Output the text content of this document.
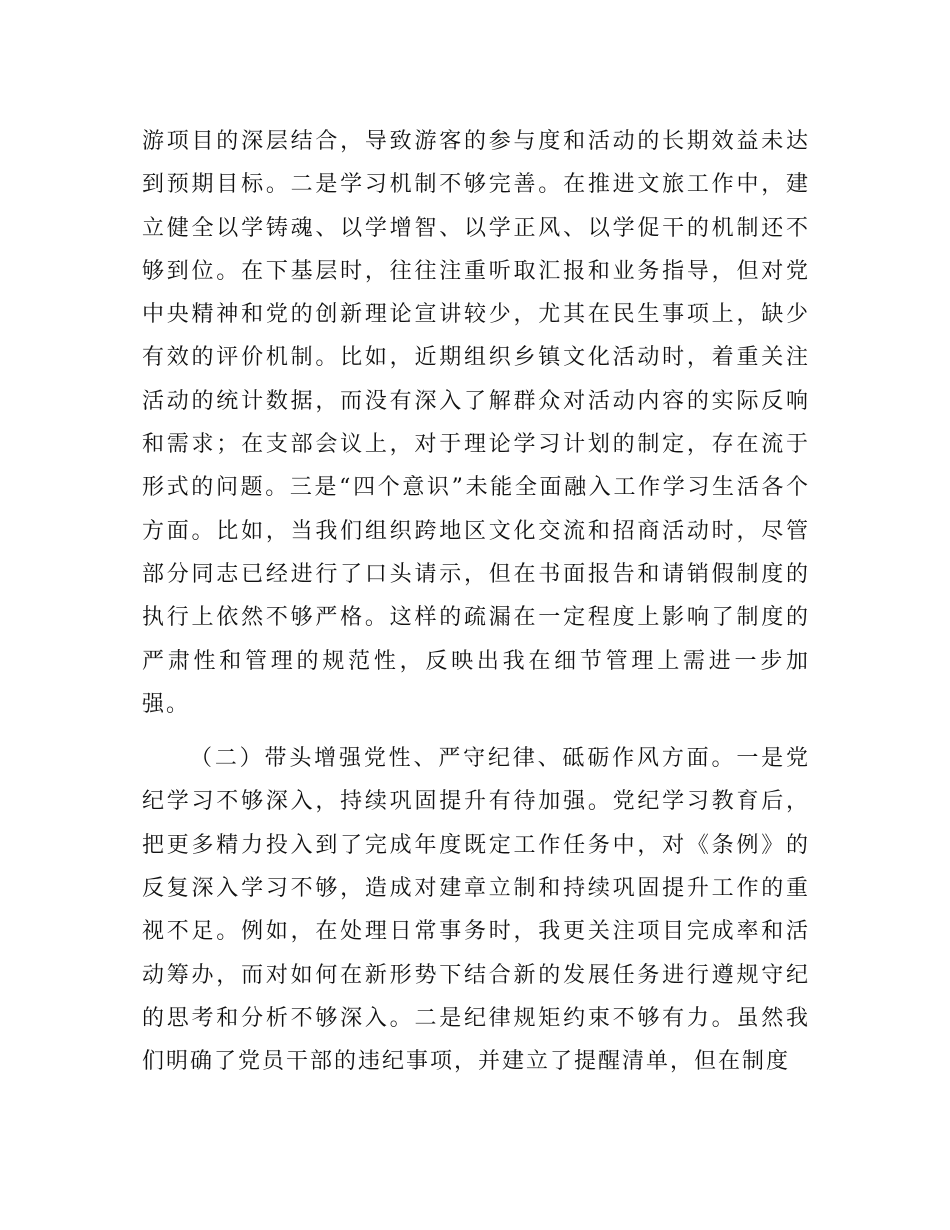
游项目的深层结合，导致游客的参与度和活动的长期效益未达到预期目标。二是学习机制不够完善。在推进文旅工作中，建立健全以学铸魂、以学增智、以学正风、以学促干的机制还不够到位。在下基层时，往往注重听取汇报和业务指导，但对党中央精神和党的创新理论宣讲较少，尤其在民生事项上，缺少有效的评价机制。比如，近期组织乡镇文化活动时，着重关注活动的统计数据，而没有深入了解群众对活动内容的实际反响和需求；在支部会议上，对于理论学习计划的制定，存在流于形式的问题。三是“四个意识”未能全面融入工作学习生活各个方面。比如，当我们组织跨地区文化交流和招商活动时，尽管部分同志已经进行了口头请示，但在书面报告和请销假制度的执行上依然不够严格。这样的疏漏在一定程度上影响了制度的严肃性和管理的规范性，反映出我在细节管理上需进一步加强。

（二）带头增强党性、严守纪律、砥砺作风方面。一是党纪学习不够深入，持续巩固提升有待加强。党纪学习教育后，把更多精力投入到了完成年度既定工作任务中，对《条例》的反复深入学习不够，造成对建章立制和持续巩固提升工作的重视不足。例如，在处理日常事务时，我更关注项目完成率和活动筹办，而对如何在新形势下结合新的发展任务进行遵规守纪的思考和分析不够深入。二是纪律规矩约束不够有力。虽然我们明确了党员干部的违纪事项，并建立了提醒清单，但在制度
